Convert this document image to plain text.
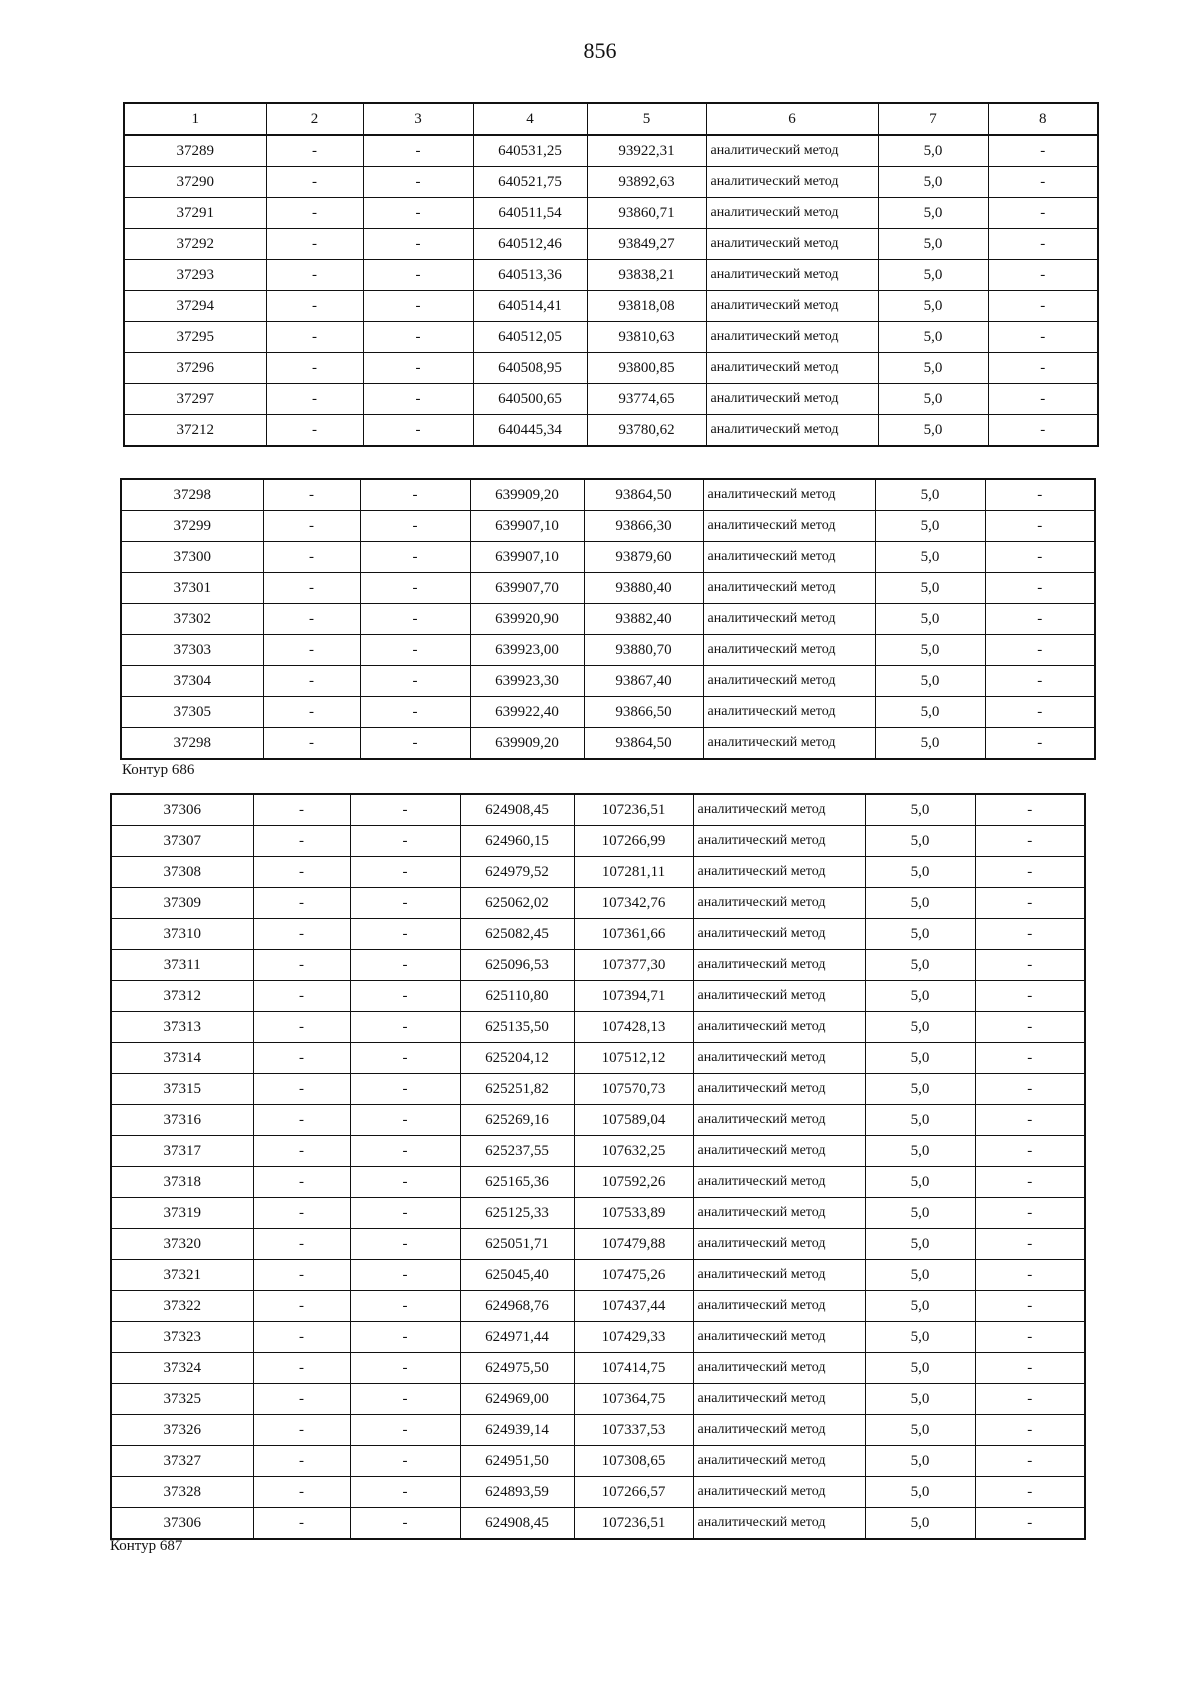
856
1	2	3	4	5	6	7	8
37289	-	-	640531,25	93922,31	аналитический метод	5,0	-
37290	-	-	640521,75	93892,63	аналитический метод	5,0	-
37291	-	-	640511,54	93860,71	аналитический метод	5,0	-
37292	-	-	640512,46	93849,27	аналитический метод	5,0	-
37293	-	-	640513,36	93838,21	аналитический метод	5,0	-
37294	-	-	640514,41	93818,08	аналитический метод	5,0	-
37295	-	-	640512,05	93810,63	аналитический метод	5,0	-
37296	-	-	640508,95	93800,85	аналитический метод	5,0	-
37297	-	-	640500,65	93774,65	аналитический метод	5,0	-
37212	-	-	640445,34	93780,62	аналитический метод	5,0	-
37298	-	-	639909,20	93864,50	аналитический метод	5,0	-
37299	-	-	639907,10	93866,30	аналитический метод	5,0	-
37300	-	-	639907,10	93879,60	аналитический метод	5,0	-
37301	-	-	639907,70	93880,40	аналитический метод	5,0	-
37302	-	-	639920,90	93882,40	аналитический метод	5,0	-
37303	-	-	639923,00	93880,70	аналитический метод	5,0	-
37304	-	-	639923,30	93867,40	аналитический метод	5,0	-
37305	-	-	639922,40	93866,50	аналитический метод	5,0	-
37298	-	-	639909,20	93864,50	аналитический метод	5,0	-
Контур 686
37306	-	-	624908,45	107236,51	аналитический метод	5,0	-
37307	-	-	624960,15	107266,99	аналитический метод	5,0	-
37308	-	-	624979,52	107281,11	аналитический метод	5,0	-
37309	-	-	625062,02	107342,76	аналитический метод	5,0	-
37310	-	-	625082,45	107361,66	аналитический метод	5,0	-
37311	-	-	625096,53	107377,30	аналитический метод	5,0	-
37312	-	-	625110,80	107394,71	аналитический метод	5,0	-
37313	-	-	625135,50	107428,13	аналитический метод	5,0	-
37314	-	-	625204,12	107512,12	аналитический метод	5,0	-
37315	-	-	625251,82	107570,73	аналитический метод	5,0	-
37316	-	-	625269,16	107589,04	аналитический метод	5,0	-
37317	-	-	625237,55	107632,25	аналитический метод	5,0	-
37318	-	-	625165,36	107592,26	аналитический метод	5,0	-
37319	-	-	625125,33	107533,89	аналитический метод	5,0	-
37320	-	-	625051,71	107479,88	аналитический метод	5,0	-
37321	-	-	625045,40	107475,26	аналитический метод	5,0	-
37322	-	-	624968,76	107437,44	аналитический метод	5,0	-
37323	-	-	624971,44	107429,33	аналитический метод	5,0	-
37324	-	-	624975,50	107414,75	аналитический метод	5,0	-
37325	-	-	624969,00	107364,75	аналитический метод	5,0	-
37326	-	-	624939,14	107337,53	аналитический метод	5,0	-
37327	-	-	624951,50	107308,65	аналитический метод	5,0	-
37328	-	-	624893,59	107266,57	аналитический метод	5,0	-
37306	-	-	624908,45	107236,51	аналитический метод	5,0	-
Контур 687
